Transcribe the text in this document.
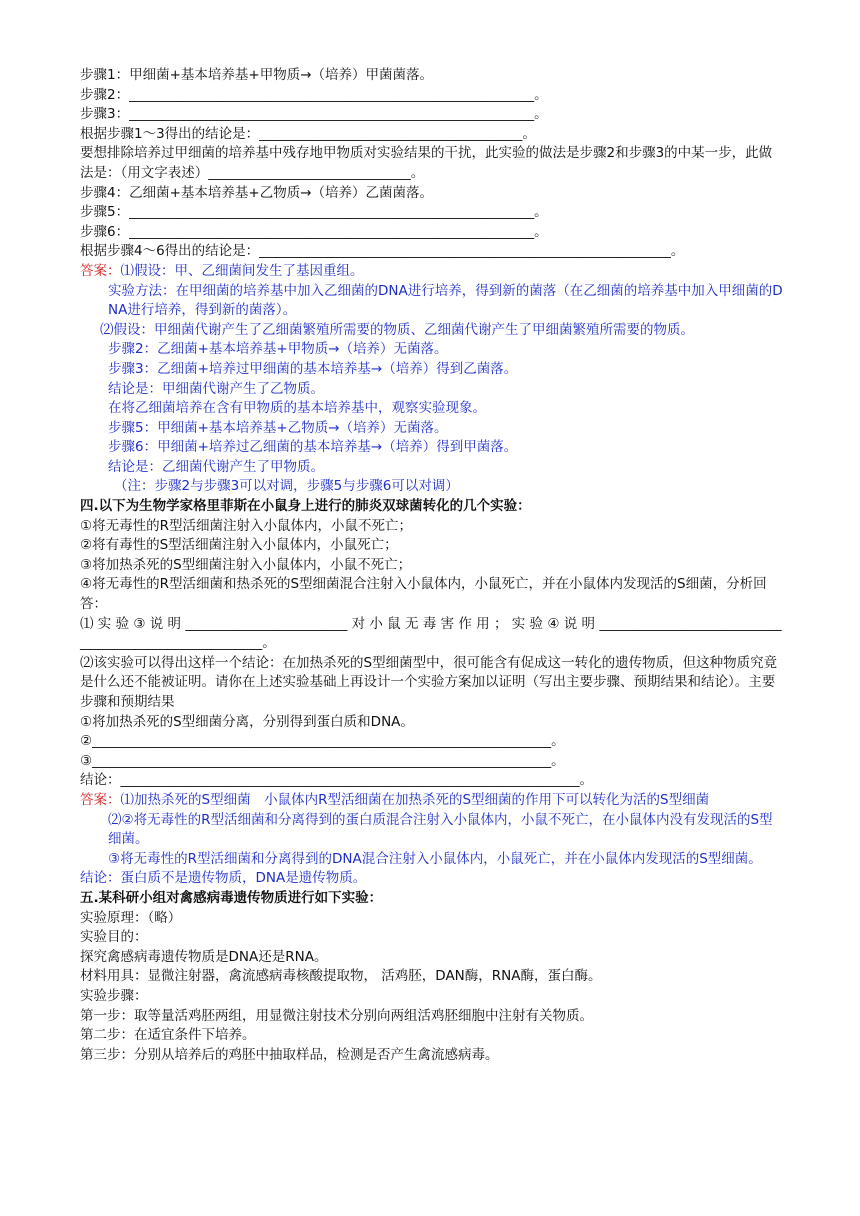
步骤1：甲细菌+基本培养基+甲物质→（培养）甲菌菌落。
步骤2：____________________________________________________________。
步骤3：____________________________________________________________。
根据步骤1～3得出的结论是：_______________________________________。
要想排除培养过甲细菌的培养基中残存地甲物质对实验结果的干扰，此实验的做法是步骤2和步骤3的中某一步，此做法是：（用文字表述）______________________________。
步骤4：乙细菌+基本培养基+乙物质→（培养）乙菌菌落。
步骤5：____________________________________________________________。
步骤6：____________________________________________________________。
根据步骤4～6得出的结论是：_____________________________________________________________。
答案：⑴假设：甲、乙细菌间发生了基因重组。
实验方法：在甲细菌的培养基中加入乙细菌的DNA进行培养，得到新的菌落（在乙细菌的培养基中加入甲细菌的DNA进行培养，得到新的菌落）。
⑵假设：甲细菌代谢产生了乙细菌繁殖所需要的物质、乙细菌代谢产生了甲细菌繁殖所需要的物质。
步骤2：乙细菌+基本培养基+甲物质→（培养）无菌落。
步骤3：乙细菌+培养过甲细菌的基本培养基→（培养）得到乙菌落。
结论是：甲细菌代谢产生了乙物质。
在将乙细菌培养在含有甲物质的基本培养基中，观察实验现象。
步骤5：甲细菌+基本培养基+乙物质→（培养）无菌落。
步骤6：甲细菌+培养过乙细菌的基本培养基→（培养）得到甲菌落。
结论是：乙细菌代谢产生了甲物质。
（注：步骤2与步骤3可以对调，步骤5与步骤6可以对调）
四.以下为生物学家格里菲斯在小鼠身上进行的肺炎双球菌转化的几个实验：
①将无毒性的R型活细菌注射入小鼠体内，小鼠不死亡；
②将有毒性的S型活细菌注射入小鼠体内，小鼠死亡；
③将加热杀死的S型细菌注射入小鼠体内，小鼠不死亡；
④将无毒性的R型活细菌和热杀死的S型细菌混合注射入小鼠体内，小鼠死亡，并在小鼠体内发现活的S细菌，分析回答：
⑴ 实 验 ③ 说 明 ________________________ 对 小 鼠 无 毒 害 作 用 ； 实 验 ④ 说 明 ______________________________________________________。
⑵该实验可以得出这样一个结论：在加热杀死的S型细菌型中，很可能含有促成这一转化的遗传物质，但这种物质究竟是什么还不能被证明。请你在上述实验基础上再设计一个实验方案加以证明（写出主要步骤、预期结果和结论）。主要步骤和预期结果
①将加热杀死的S型细菌分离，分别得到蛋白质和DNA。
②____________________________________________________________________。
③____________________________________________________________________。
结论：____________________________________________________________________。
答案：⑴加热杀死的S型细菌　小鼠体内R型活细菌在加热杀死的S型细菌的作用下可以转化为活的S型细菌
⑵②将无毒性的R型活细菌和分离得到的蛋白质混合注射入小鼠体内，小鼠不死亡，在小鼠体内没有发现活的S型细菌。
③将无毒性的R型活细菌和分离得到的DNA混合注射入小鼠体内，小鼠死亡，并在小鼠体内发现活的S型细菌。
结论：蛋白质不是遗传物质，DNA是遗传物质。
五.某科研小组对禽感病毒遗传物质进行如下实验：
实验原理：（略）
实验目的：
探究禽感病毒遗传物质是DNA还是RNA。
材料用具：显微注射器，禽流感病毒核酸提取物， 活鸡胚，DAN酶，RNA酶，蛋白酶。
实验步骤：
第一步：取等量活鸡胚两组，用显微注射技术分别向两组活鸡胚细胞中注射有关物质。
第二步：在适宜条件下培养。
第三步：分别从培养后的鸡胚中抽取样品，检测是否产生禽流感病毒。
